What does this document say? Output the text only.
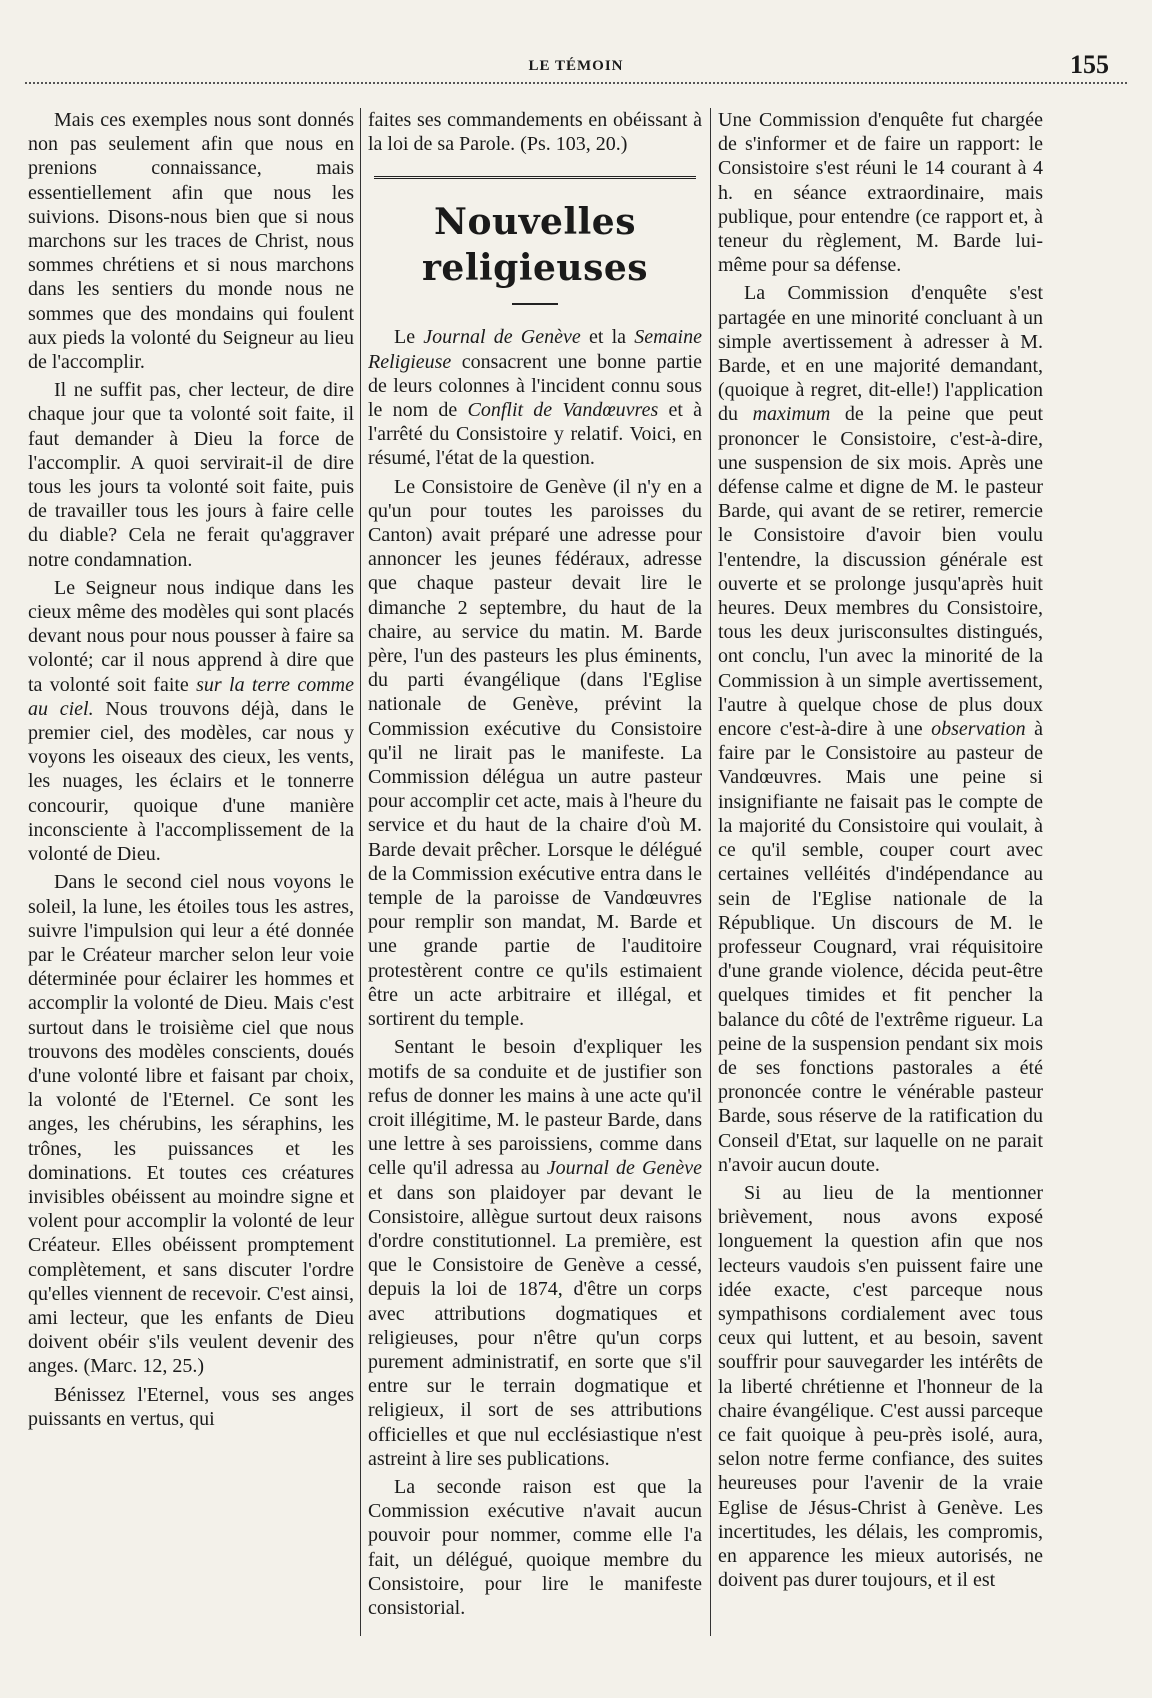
LE TÉMOIN	155

Mais ces exemples nous sont donnés non pas seulement afin que nous en prenions connaissance, mais essentiellement afin que nous les suivions. Disons-nous bien que si nous marchons sur les traces de Christ, nous sommes chrétiens et si nous marchons dans les sentiers du monde nous ne sommes que des mondains qui foulent aux pieds la volonté du Seigneur au lieu de l'accomplir.

Il ne suffit pas, cher lecteur, de dire chaque jour que ta volonté soit faite, il faut demander à Dieu la force de l'accomplir. A quoi servirait-il de dire tous les jours ta volonté soit faite, puis de travailler tous les jours à faire celle du diable? Cela ne ferait qu'aggraver notre condamnation.

Le Seigneur nous indique dans les cieux même des modèles qui sont placés devant nous pour nous pousser à faire sa volonté; car il nous apprend à dire que ta volonté soit faite sur la terre comme au ciel. Nous trouvons déjà, dans le premier ciel, des modèles, car nous y voyons les oiseaux des cieux, les vents, les nuages, les éclairs et le tonnerre concourir, quoique d'une manière inconsciente à l'accomplissement de la volonté de Dieu.

Dans le second ciel nous voyons le soleil, la lune, les étoiles tous les astres, suivre l'impulsion qui leur a été donnée par le Créateur marcher selon leur voie déterminée pour éclairer les hommes et accomplir la volonté de Dieu. Mais c'est surtout dans le troisième ciel que nous trouvons des modèles conscients, doués d'une volonté libre et faisant par choix, la volonté de l'Eternel. Ce sont les anges, les chérubins, les séraphins, les trônes, les puissances et les dominations. Et toutes ces créatures invisibles obéissent au moindre signe et volent pour accomplir la volonté de leur Créateur. Elles obéissent promptement complètement, et sans discuter l'ordre qu'elles viennent de recevoir. C'est ainsi, ami lecteur, que les enfants de Dieu doivent obéir s'ils veulent devenir des anges. (Marc. 12, 25.)

Bénissez l'Eternel, vous ses anges puissants en vertus, qui

faites ses commandements en obéissant à la loi de sa Parole. (Ps. 103, 20.)

Nouvelles religieuses

Le Journal de Genève et la Semaine Religieuse consacrent une bonne partie de leurs colonnes à l'incident connu sous le nom de Conflit de Vandœuvres et à l'arrêté du Consistoire y relatif. Voici, en résumé, l'état de la question.

Le Consistoire de Genève (il n'y en a qu'un pour toutes les paroisses du Canton) avait préparé une adresse pour annoncer les jeunes fédéraux, adresse que chaque pasteur devait lire le dimanche 2 septembre, du haut de la chaire, au service du matin. M. Barde père, l'un des pasteurs les plus éminents, du parti évangélique (dans l'Eglise nationale de Genève, prévint la Commission exécutive du Consistoire qu'il ne lirait pas le manifeste. La Commission délégua un autre pasteur pour accomplir cet acte, mais à l'heure du service et du haut de la chaire d'où M. Barde devait prêcher. Lorsque le délégué de la Commission exécutive entra dans le temple de la paroisse de Vandœuvres pour remplir son mandat, M. Barde et une grande partie de l'auditoire protestèrent contre ce qu'ils estimaient être un acte arbitraire et illégal, et sortirent du temple.

Sentant le besoin d'expliquer les motifs de sa conduite et de justifier son refus de donner les mains à une acte qu'il croit illégitime, M. le pasteur Barde, dans une lettre à ses paroissiens, comme dans celle qu'il adressa au Journal de Genève et dans son plaidoyer par devant le Consistoire, allègue surtout deux raisons d'ordre constitutionnel. La première, est que le Consistoire de Genève a cessé, depuis la loi de 1874, d'être un corps avec attributions dogmatiques et religieuses, pour n'être qu'un corps purement administratif, en sorte que s'il entre sur le terrain dogmatique et religieux, il sort de ses attributions officielles et que nul ecclésiastique n'est astreint à lire ses publications.

La seconde raison est que la Commission exécutive n'avait aucun pouvoir pour nommer, comme elle l'a fait, un délégué, quoique membre du Consistoire, pour lire le manifeste consistorial.

Une Commission d'enquête fut chargée de s'informer et de faire un rapport: le Consistoire s'est réuni le 14 courant à 4 h. en séance extraordinaire, mais publique, pour entendre (ce rapport et, à teneur du règlement, M. Barde lui-même pour sa défense.

La Commission d'enquête s'est partagée en une minorité concluant à un simple avertissement à adresser à M. Barde, et en une majorité demandant, (quoique à regret, dit-elle!) l'application du maximum de la peine que peut prononcer le Consistoire, c'est-à-dire, une suspension de six mois. Après une défense calme et digne de M. le pasteur Barde, qui avant de se retirer, remercie le Consistoire d'avoir bien voulu l'entendre, la discussion générale est ouverte et se prolonge jusqu'après huit heures. Deux membres du Consistoire, tous les deux jurisconsultes distingués, ont conclu, l'un avec la minorité de la Commission à un simple avertissement, l'autre à quelque chose de plus doux encore c'est-à-dire à une observation à faire par le Consistoire au pasteur de Vandœuvres. Mais une peine si insignifiante ne faisait pas le compte de la majorité du Consistoire qui voulait, à ce qu'il semble, couper court avec certaines velléités d'indépendance au sein de l'Eglise nationale de la République. Un discours de M. le professeur Cougnard, vrai réquisitoire d'une grande violence, décida peut-être quelques timides et fit pencher la balance du côté de l'extrême rigueur. La peine de la suspension pendant six mois de ses fonctions pastorales a été prononcée contre le vénérable pasteur Barde, sous réserve de la ratification du Conseil d'Etat, sur laquelle on ne parait n'avoir aucun doute.

Si au lieu de la mentionner brièvement, nous avons exposé longuement la question afin que nos lecteurs vaudois s'en puissent faire une idée exacte, c'est parceque nous sympathisons cordialement avec tous ceux qui luttent, et au besoin, savent souffrir pour sauvegarder les intérêts de la liberté chrétienne et l'honneur de la chaire évangélique. C'est aussi parceque ce fait quoique à peu-près isolé, aura, selon notre ferme confiance, des suites heureuses pour l'avenir de la vraie Eglise de Jésus-Christ à Genève. Les incertitudes, les délais, les compromis, en apparence les mieux autorisés, ne doivent pas durer toujours, et il est
